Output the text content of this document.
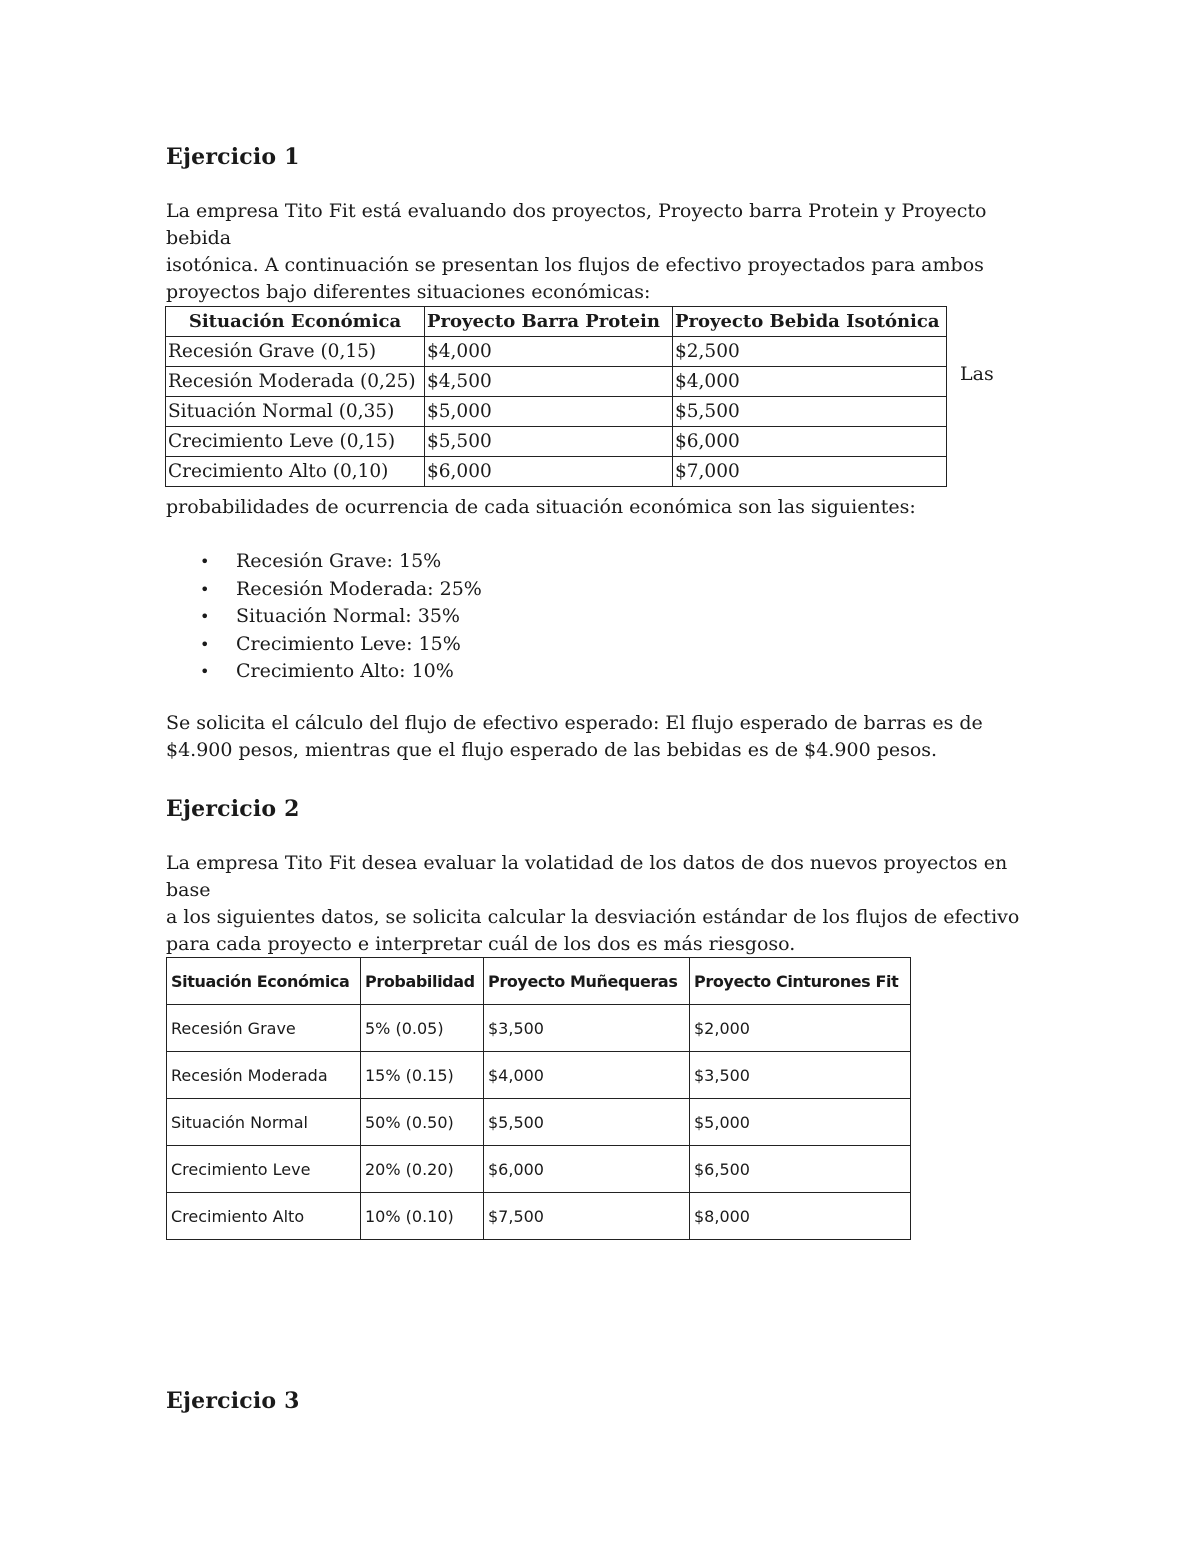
Ejercicio 1
La empresa Tito Fit está evaluando dos proyectos, Proyecto barra Protein y Proyecto bebida
isotónica. A continuación se presentan los flujos de efectivo proyectados para ambos
proyectos bajo diferentes situaciones económicas:
Situación Económica	Proyecto Barra Protein	Proyecto Bebida Isotónica
Recesión Grave (0,15)	$4,000	$2,500
Recesión Moderada (0,25)	$4,500	$4,000
Situación Normal (0,35)	$5,000	$5,500
Crecimiento Leve (0,15)	$5,500	$6,000
Crecimiento Alto (0,10)	$6,000	$7,000
Las
probabilidades de ocurrencia de cada situación económica son las siguientes:
• Recesión Grave: 15%
• Recesión Moderada: 25%
• Situación Normal: 35%
• Crecimiento Leve: 15%
• Crecimiento Alto: 10%
Se solicita el cálculo del flujo de efectivo esperado: El flujo esperado de barras es de
$4.900 pesos, mientras que el flujo esperado de las bebidas es de $4.900 pesos.
Ejercicio 2
La empresa Tito Fit desea evaluar la volatidad de los datos de dos nuevos proyectos en base
a los siguientes datos, se solicita calcular la desviación estándar de los flujos de efectivo
para cada proyecto e interpretar cuál de los dos es más riesgoso.
Situación Económica	Probabilidad	Proyecto Muñequeras	Proyecto Cinturones Fit
Recesión Grave	5% (0.05)	$3,500	$2,000
Recesión Moderada	15% (0.15)	$4,000	$3,500
Situación Normal	50% (0.50)	$5,500	$5,000
Crecimiento Leve	20% (0.20)	$6,000	$6,500
Crecimiento Alto	10% (0.10)	$7,500	$8,000
Ejercicio 3
